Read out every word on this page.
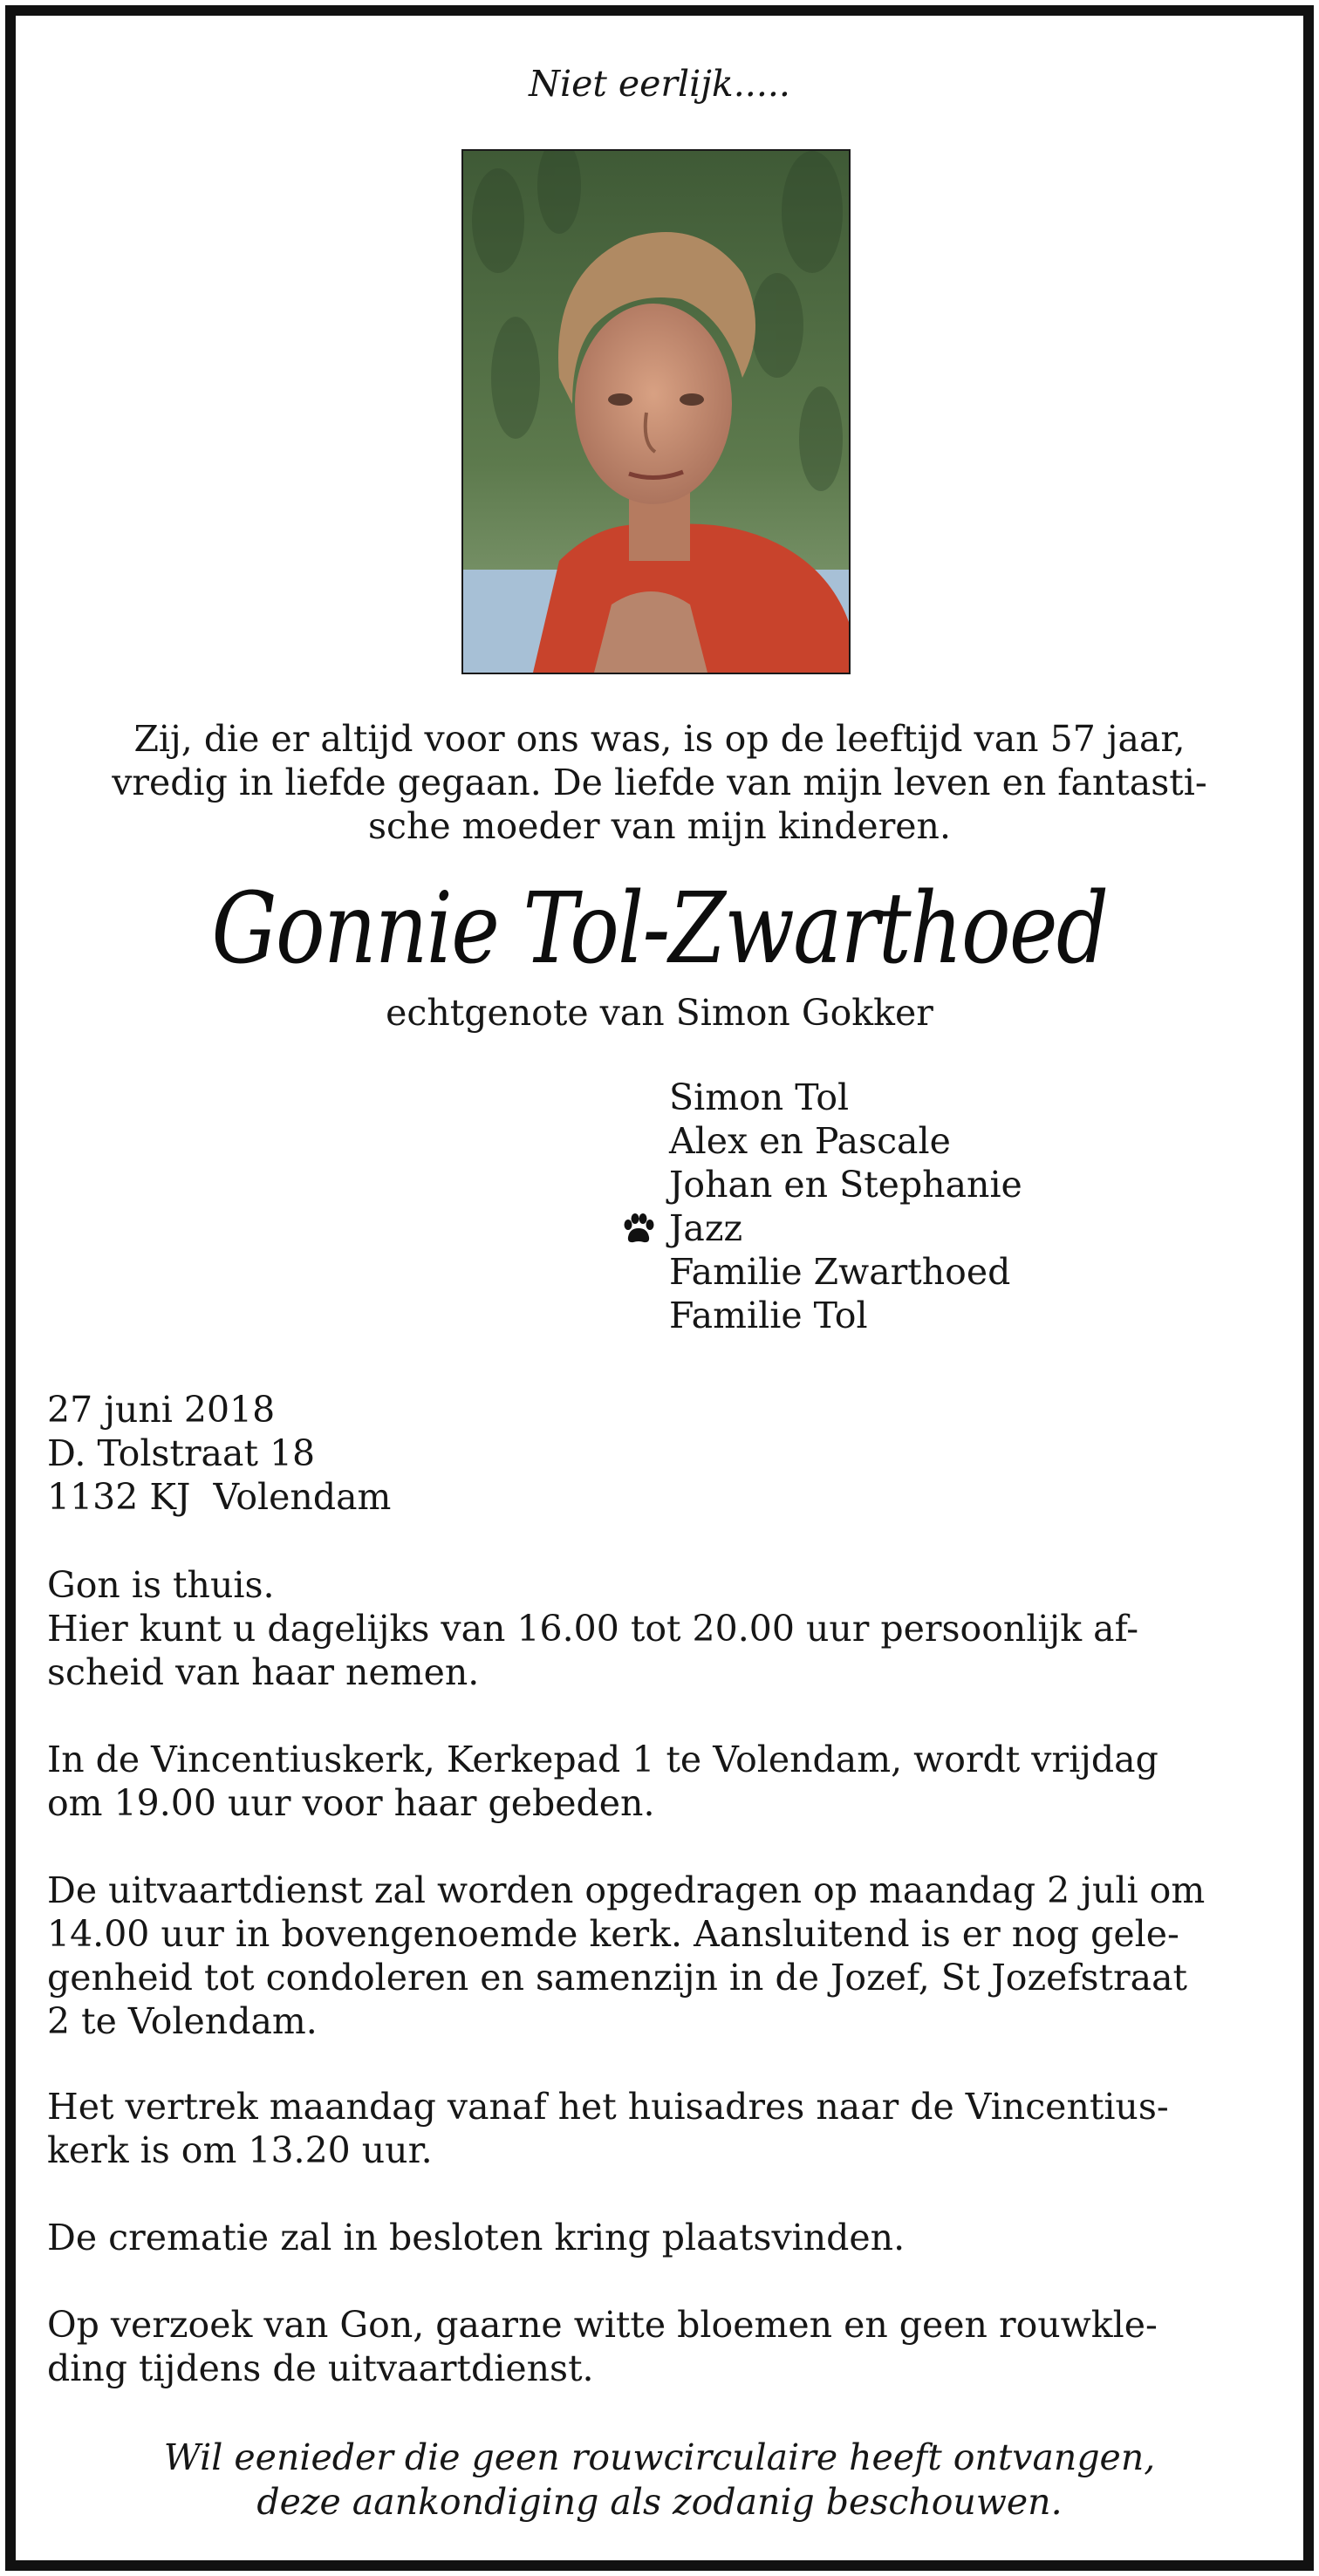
Niet eerlijk.....
Zij, die er altijd voor ons was, is op de leeftijd van 57 jaar,
vredig in liefde gegaan. De liefde van mijn leven en fantasti-
sche moeder van mijn kinderen.
Gonnie Tol-Zwarthoed
echtgenote van Simon Gokker
Simon Tol
Alex en Pascale
Johan en Stephanie
Jazz
Familie Zwarthoed
Familie Tol
27 juni 2018
D. Tolstraat 18
1132 KJ  Volendam
Gon is thuis.
Hier kunt u dagelijks van 16.00 tot 20.00 uur persoonlijk af-
scheid van haar nemen.
In de Vincentiuskerk, Kerkepad 1 te Volendam, wordt vrijdag
om 19.00 uur voor haar gebeden.
De uitvaartdienst zal worden opgedragen op maandag 2 juli om
14.00 uur in bovengenoemde kerk. Aansluitend is er nog gele-
genheid tot condoleren en samenzijn in de Jozef, St Jozefstraat
2 te Volendam.
Het vertrek maandag vanaf het huisadres naar de Vincentius-
kerk is om 13.20 uur.
De crematie zal in besloten kring plaatsvinden.
Op verzoek van Gon, gaarne witte bloemen en geen rouwkle-
ding tijdens de uitvaartdienst.
Wil eenieder die geen rouwcirculaire heeft ontvangen,
deze aankondiging als zodanig beschouwen.
